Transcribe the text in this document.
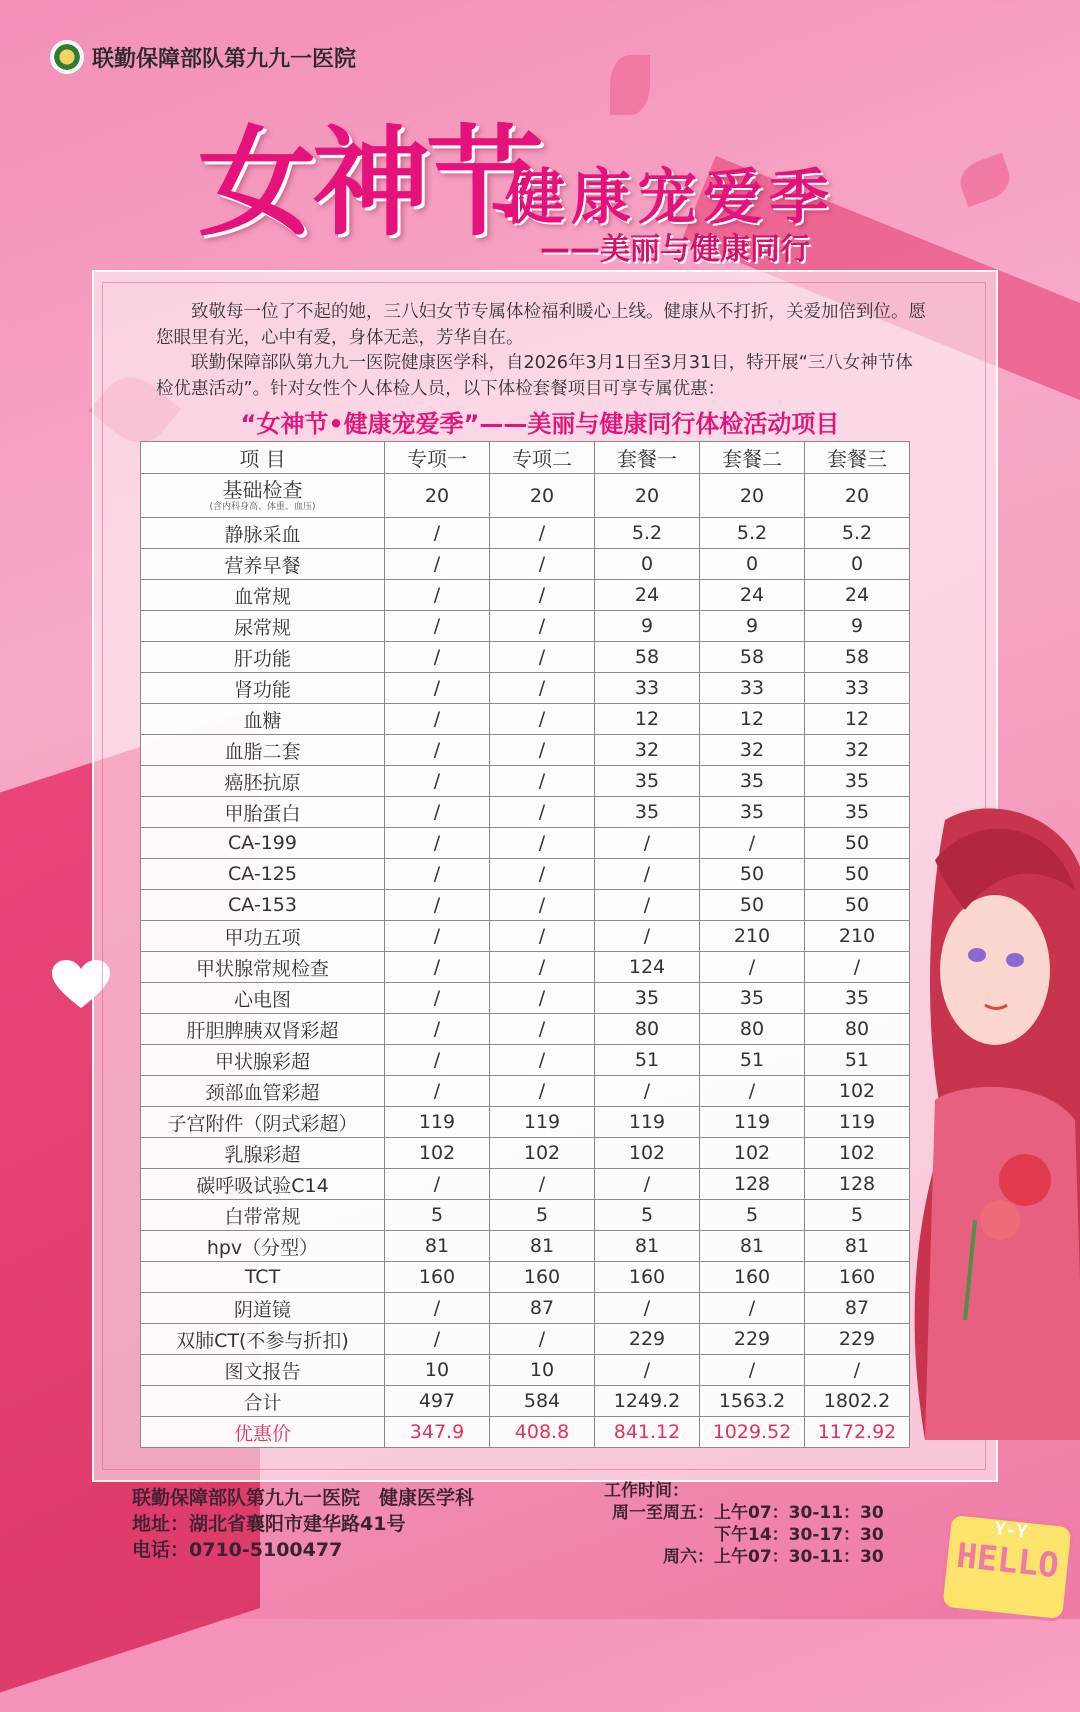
联勤保障部队第九九一医院
女神节
健康宠爱季
——美丽与健康同行

致敬每一位了不起的她，三八妇女节专属体检福利暖心上线。健康从不打折，关爱加倍到位。愿您眼里有光，心中有爱，身体无恙，芳华自在。

联勤保障部队第九九一医院健康医学科，自2026年3月1日至3月31日，特开展“三八女神节体检优惠活动”。针对女性个人体检人员，以下体检套餐项目可享专属优惠：

“女神节•健康宠爱季”——美丽与健康同行体检活动项目
项 目	专项一	专项二	套餐一	套餐二	套餐三

基础检查
(含内科身高、体重、血压)	20	20	20	20	20
静脉采血	/	/	5.2	5.2	5.2
营养早餐	/	/	0	0	0
血常规	/	/	24	24	24
尿常规	/	/	9	9	9
肝功能	/	/	58	58	58
肾功能	/	/	33	33	33
血糖	/	/	12	12	12
血脂二套	/	/	32	32	32
癌胚抗原	/	/	35	35	35
甲胎蛋白	/	/	35	35	35
CA-199	/	/	/	/	50
CA-125	/	/	/	50	50
CA-153	/	/	/	50	50
甲功五项	/	/	/	210	210
甲状腺常规检查	/	/	124	/	/
心电图	/	/	35	35	35
肝胆脾胰双肾彩超	/	/	80	80	80
甲状腺彩超	/	/	51	51	51
颈部血管彩超	/	/	/	/	102
子宫附件（阴式彩超）	119	119	119	119	119
乳腺彩超	102	102	102	102	102
碳呼吸试验C14	/	/	/	128	128
白带常规	5	5	5	5	5
hpv（分型）	81	81	81	81	81
TCT	160	160	160	160	160
阴道镜	/	87	/	/	87
双肺CT(不参与折扣)	/	/	229	229	229
图文报告	10	10	/	/	/
合计	497	584	1249.2	1563.2	1802.2
优惠价	347.9	408.8	841.12	1029.52	1172.92
联勤保障部队第九九一医院　健康医学科
地址：湖北省襄阳市建华路41号
电话：0710-5100477
工作时间：
周一至周五： 上午07：30-11：30
下午14：30-17：30
周六： 上午07：30-11：30
Y-Y
HELLO
